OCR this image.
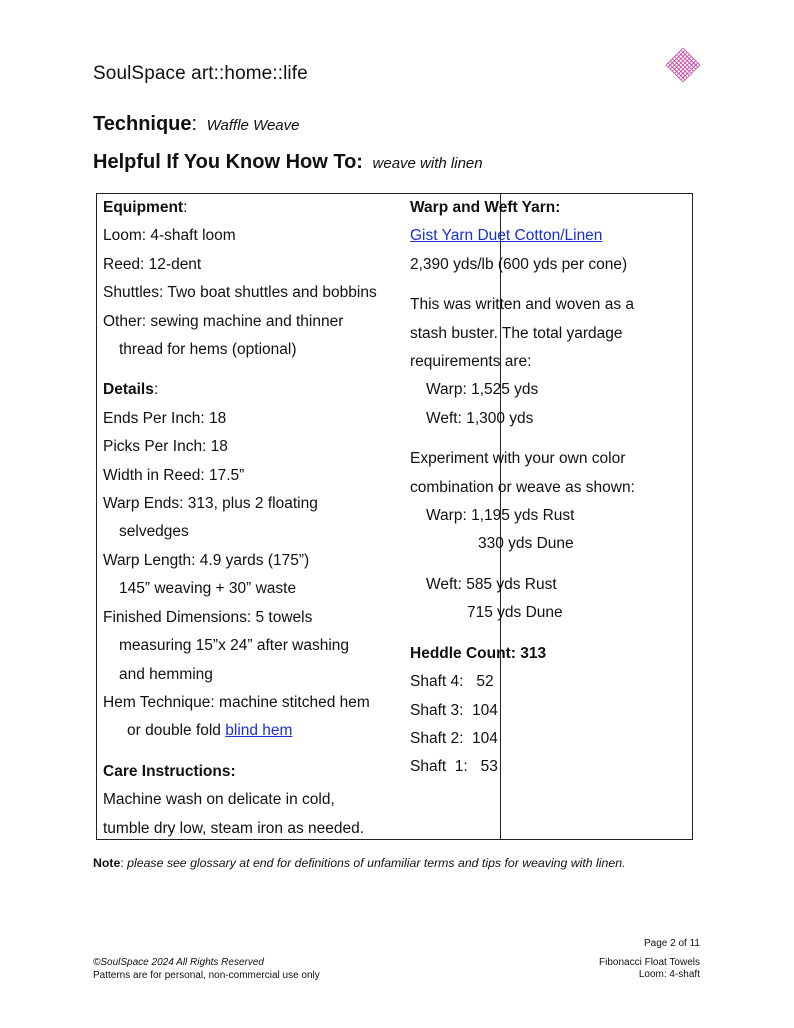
SoulSpace art::home::life
Technique: Waffle Weave
Helpful If You Know How To: weave with linen
Equipment:
Loom: 4-shaft loom
Reed: 12-dent
Shuttles: Two boat shuttles and bobbins
Other: sewing machine and thinner
thread for hems (optional)
Details:
Ends Per Inch: 18
Picks Per Inch: 18
Width in Reed: 17.5”
Warp Ends: 313, plus 2 floating
selvedges
Warp Length: 4.9 yards (175”)
145” weaving + 30” waste
Finished Dimensions: 5 towels
measuring 15”x 24” after washing
and hemming
Hem Technique: machine stitched hem
or double fold blind hem
Care Instructions:
Machine wash on delicate in cold,
tumble dry low, steam iron as needed.
Warp and Weft Yarn:
Gist Yarn Duet Cotton/Linen
2,390 yds/lb (600 yds per cone)
This was written and woven as a
stash buster. The total yardage
requirements are:
Warp: 1,525 yds
Weft: 1,300 yds
Experiment with your own color
combination or weave as shown:
Warp: 1,195 yds Rust
330 yds Dune
Weft: 585 yds Rust
715 yds Dune
Heddle Count: 313
Shaft 4:   52
Shaft 3:  104
Shaft 2:  104
Shaft  1:   53
Note: please see glossary at end for definitions of unfamiliar terms and tips for weaving with linen.
©SoulSpace 2024 All Rights Reserved
Patterns are for personal, non-commercial use only
Page 2 of 11
Fibonacci Float Towels
Loom: 4-shaft
